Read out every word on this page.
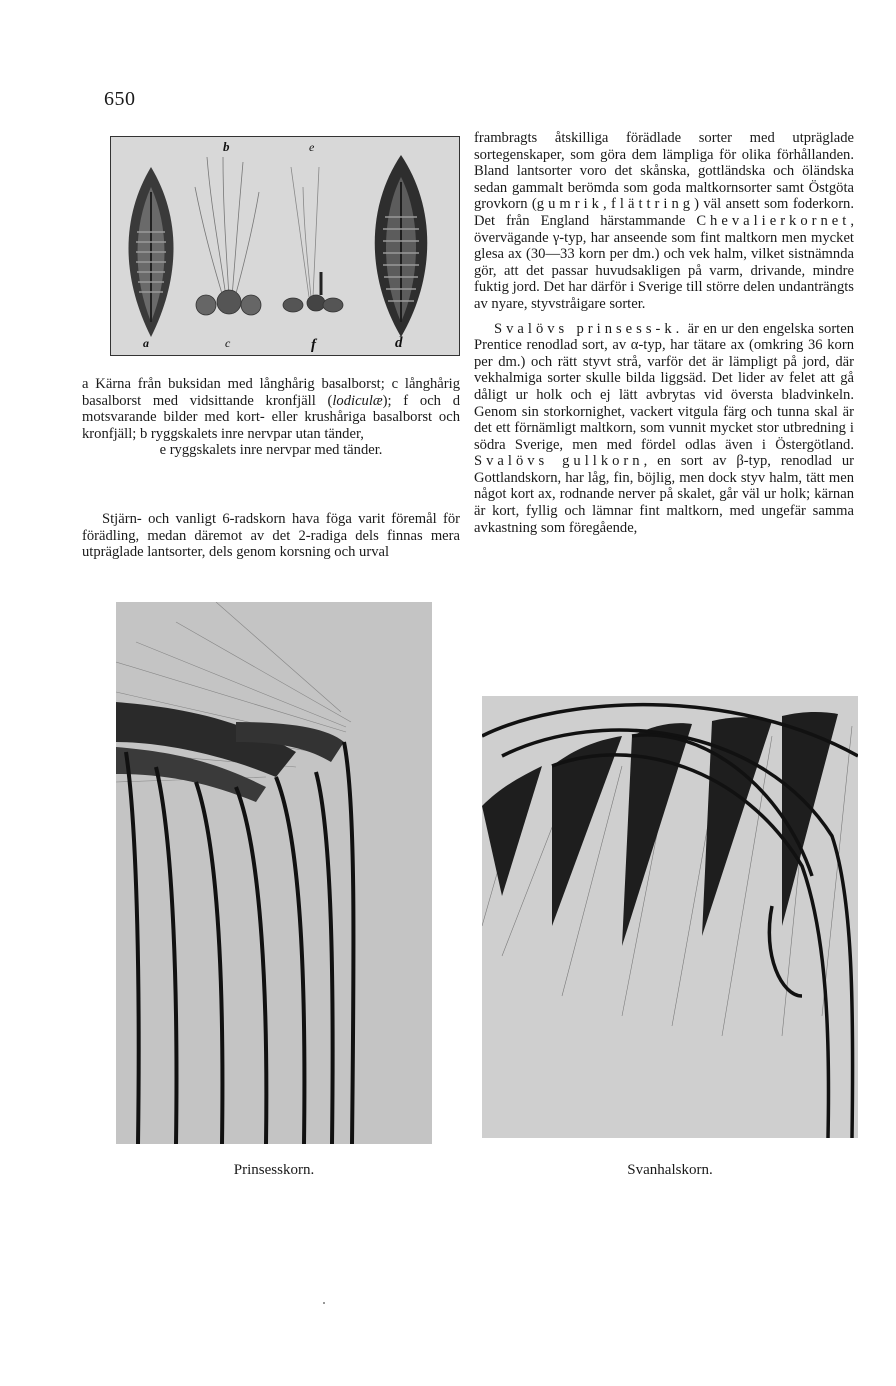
650
b	e
a	c	f	d
a Kärna från buksidan med långhårig basalborst; c långhårig basalborst med vidsittande kronfjäll (lodiculæ); f och d motsvarande bilder med kort- eller krushåriga basalborst och kronfjäll; b ryggskalets inre nervpar utan tänder,
e ryggskalets inre nervpar med tänder.
Stjärn- och vanligt 6-radskorn hava föga varit föremål för förädling, medan däremot av det 2-radiga dels finnas mera utpräglade lantsorter, dels genom korsning och urval

frambragts åtskilliga förädlade sorter med utpräglade sortegenskaper, som göra dem lämpliga för olika förhållanden. Bland lantsorter voro det skånska, gottländska och öländska sedan gammalt berömda som goda maltkornsorter samt Östgöta grovkorn (gumrik, flättring) väl ansett som foderkorn. Det från England härstammande Chevalierkornet, övervägande γ-typ, har anseende som fint maltkorn men mycket glesa ax (30—33 korn per dm.) och vek halm, vilket sistnämnda gör, att det passar huvudsakligen på varm, drivande, mindre fuktig jord. Det har därför i Sverige till större delen undanträngts av nyare, styvstråigare sorter.

Svalövs prinsess-k. är en ur den engelska sorten Prentice renodlad sort, av α-typ, har tätare ax (omkring 36 korn per dm.) och rätt styvt strå, varför det är lämpligt på jord, där vekhalmiga sorter skulle bilda liggsäd. Det lider av felet att gå dåligt ur holk och ej lätt avbrytas vid översta bladvinkeln. Genom sin storkornighet, vackert vitgula färg och tunna skal är det ett förnämligt maltkorn, som vunnit mycket stor utbredning i södra Sverige, men med fördel odlas även i Östergötland. Svalövs gullkorn, en sort av β-typ, renodlad ur Gottlandskorn, har låg, fin, böjlig, men dock styv halm, tätt men något kort ax, rodnande nerver på skalet, går väl ur holk; kärnan är kort, fyllig och lämnar fint maltkorn, med ungefär samma avkastning som föregående,

Prinsesskorn.	Svanhalskorn.
